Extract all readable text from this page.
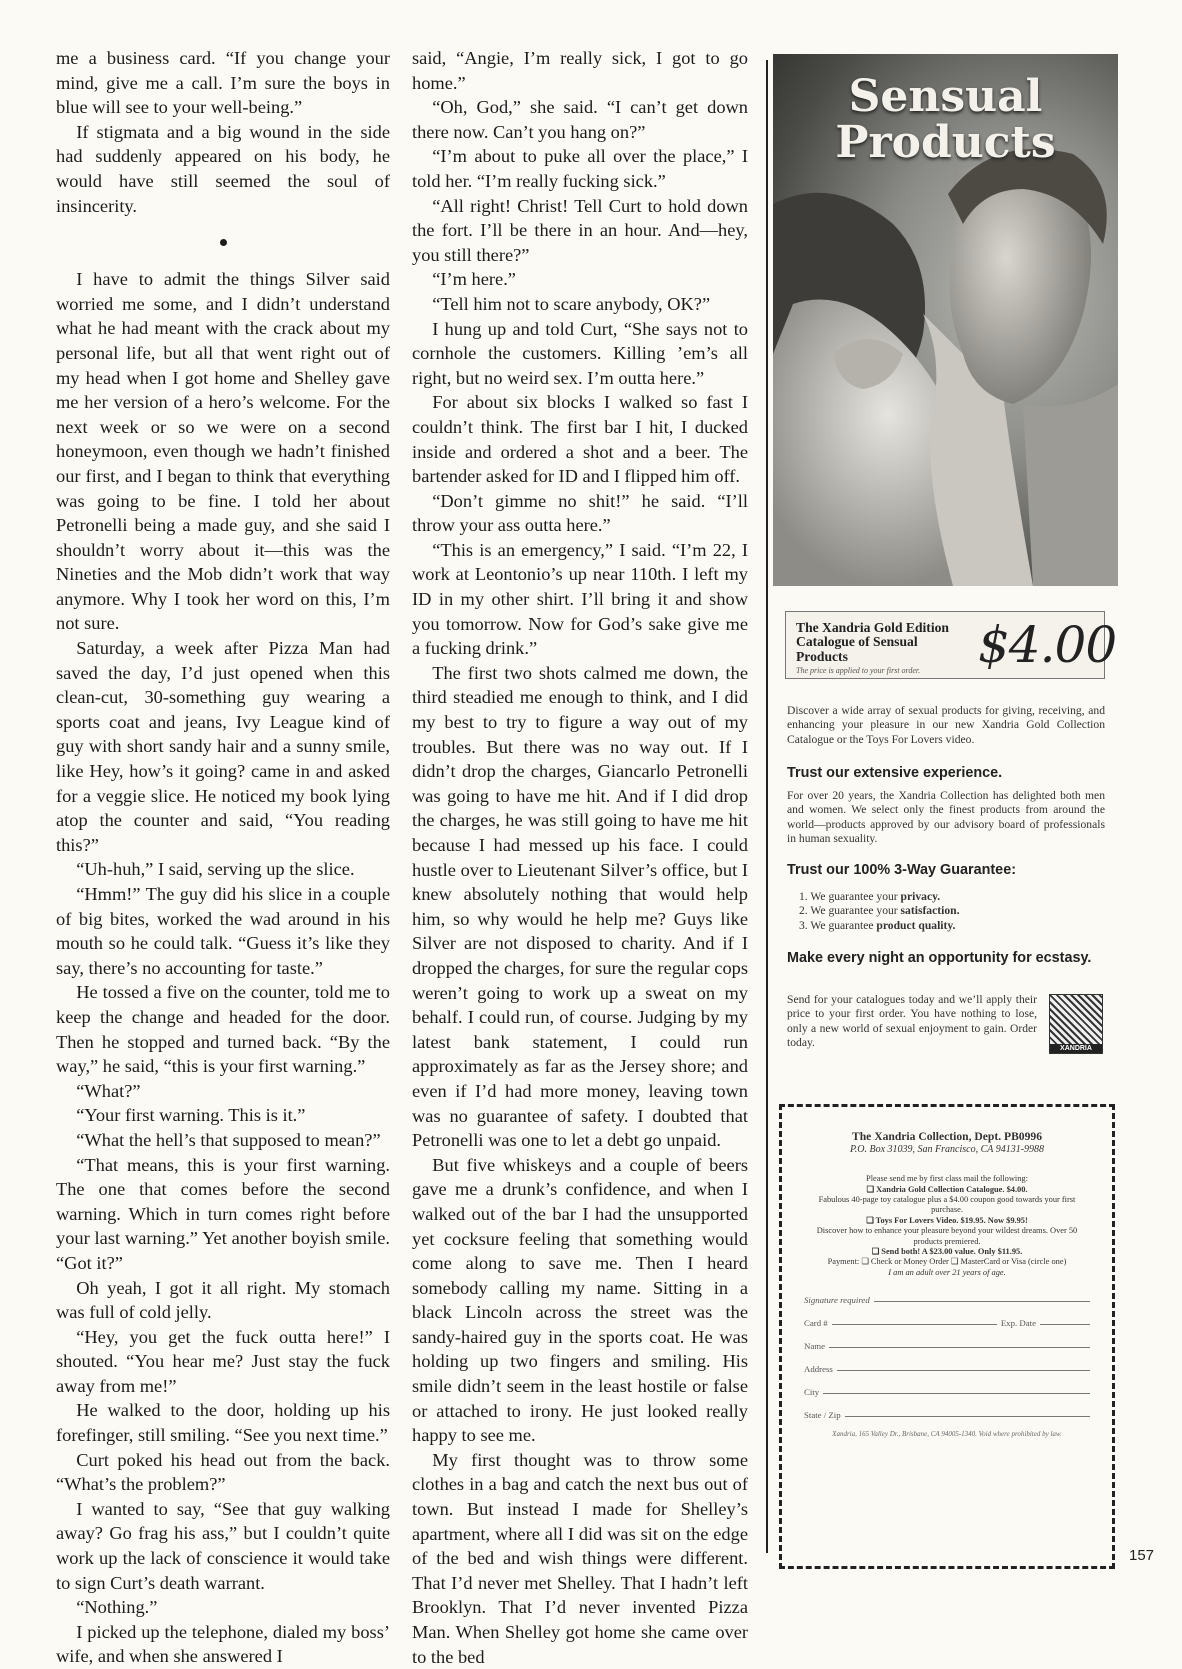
me a business card. “If you change your mind, give me a call. I’m sure the boys in blue will see to your well-being.”

If stigmata and a big wound in the side had suddenly appeared on his body, he would have still seemed the soul of insincerity.

I have to admit the things Silver said worried me some, and I didn’t understand what he had meant with the crack about my personal life, but all that went right out of my head when I got home and Shelley gave me her version of a hero’s welcome. For the next week or so we were on a second honeymoon, even though we hadn’t finished our first, and I began to think that everything was going to be fine. I told her about Petronelli being a made guy, and she said I shouldn’t worry about it—this was the Nineties and the Mob didn’t work that way anymore. Why I took her word on this, I’m not sure.

Saturday, a week after Pizza Man had saved the day, I’d just opened when this clean-cut, 30-something guy wearing a sports coat and jeans, Ivy League kind of guy with short sandy hair and a sunny smile, like Hey, how’s it going? came in and asked for a veggie slice. He noticed my book lying atop the counter and said, “You reading this?”

“Uh-huh,” I said, serving up the slice.

“Hmm!” The guy did his slice in a couple of big bites, worked the wad around in his mouth so he could talk. “Guess it’s like they say, there’s no accounting for taste.”

He tossed a five on the counter, told me to keep the change and headed for the door. Then he stopped and turned back. “By the way,” he said, “this is your first warning.”

“What?”

“Your first warning. This is it.”

“What the hell’s that supposed to mean?”

“That means, this is your first warning. The one that comes before the second warning. Which in turn comes right before your last warning.” Yet another boyish smile. “Got it?”

Oh yeah, I got it all right. My stomach was full of cold jelly.

“Hey, you get the fuck outta here!” I shouted. “You hear me? Just stay the fuck away from me!”

He walked to the door, holding up his forefinger, still smiling. “See you next time.”

Curt poked his head out from the back. “What’s the problem?”

I wanted to say, “See that guy walking away? Go frag his ass,” but I couldn’t quite work up the lack of conscience it would take to sign Curt’s death warrant.

“Nothing.”

I picked up the telephone, dialed my boss’ wife, and when she answered I

said, “Angie, I’m really sick, I got to go home.”

“Oh, God,” she said. “I can’t get down there now. Can’t you hang on?”

“I’m about to puke all over the place,” I told her. “I’m really fucking sick.”

“All right! Christ! Tell Curt to hold down the fort. I’ll be there in an hour. And—hey, you still there?”

“I’m here.”

“Tell him not to scare anybody, OK?”

I hung up and told Curt, “She says not to cornhole the customers. Killing ’em’s all right, but no weird sex. I’m outta here.”

For about six blocks I walked so fast I couldn’t think. The first bar I hit, I ducked inside and ordered a shot and a beer. The bartender asked for ID and I flipped him off.

“Don’t gimme no shit!” he said. “I’ll throw your ass outta here.”

“This is an emergency,” I said. “I’m 22, I work at Leontonio’s up near 110th. I left my ID in my other shirt. I’ll bring it and show you tomorrow. Now for God’s sake give me a fucking drink.”

The first two shots calmed me down, the third steadied me enough to think, and I did my best to try to figure a way out of my troubles. But there was no way out. If I didn’t drop the charges, Giancarlo Petronelli was going to have me hit. And if I did drop the charges, he was still going to have me hit because I had messed up his face. I could hustle over to Lieutenant Silver’s office, but I knew absolutely nothing that would help him, so why would he help me? Guys like Silver are not disposed to charity. And if I dropped the charges, for sure the regular cops weren’t going to work up a sweat on my behalf. I could run, of course. Judging by my latest bank statement, I could run approximately as far as the Jersey shore; and even if I’d had more money, leaving town was no guarantee of safety. I doubted that Petronelli was one to let a debt go unpaid.

But five whiskeys and a couple of beers gave me a drunk’s confidence, and when I walked out of the bar I had the unsupported yet cocksure feeling that something would come along to save me. Then I heard somebody calling my name. Sitting in a black Lincoln across the street was the sandy-haired guy in the sports coat. He was holding up two fingers and smiling. His smile didn’t seem in the least hostile or false or attached to irony. He just looked really happy to see me.

My first thought was to throw some clothes in a bag and catch the next bus out of town. But instead I made for Shelley’s apartment, where all I did was sit on the edge of the bed and wish things were different. That I’d never met Shelley. That I hadn’t left Brooklyn. That I’d never invented Pizza Man. When Shelley got home she came over to the bed

Sensual
Products
The Xandria Gold Edition Catalogue of Sensual Products
The price is applied to your first order. $4.00
Discover a wide array of sexual products for giving, receiving, and enhancing your pleasure in our new Xandria Gold Collection Catalogue or the Toys For Lovers video.
Trust our extensive experience.
For over 20 years, the Xandria Collection has delighted both men and women. We select only the finest products from around the world—products approved by our advisory board of professionals in human sexuality.
Trust our 100% 3-Way Guarantee:
1. We guarantee your privacy.
2. We guarantee your satisfaction.
3. We guarantee product quality.
Make every night an opportunity for ecstasy.
Send for your catalogues today and we’ll apply their price to your first order. You have nothing to lose, only a new world of sexual enjoyment to gain. Order today.	XANDRIA
The Xandria Collection, Dept. PB0996
P.O. Box 31039, San Francisco, CA 94131-9988
Please send me by first class mail the following:
❑ Xandria Gold Collection Catalogue. $4.00.
Fabulous 40-page toy catalogue plus a $4.00 coupon good towards your first purchase.
❑ Toys For Lovers Video. $19.95. Now $9.95!
Discover how to enhance your pleasure beyond your wildest dreams. Over 50 products premiered.
❑ Send both! A $23.00 value. Only $11.95.
Payment: ❑ Check or Money Order ❑ MasterCard or Visa (circle one)
I am an adult over 21 years of age.
Signature required
Card #	Exp. Date
Name
Address
City
State / Zip
Xandria, 165 Valley Dr., Brisbane, CA 94005-1340. Void where prohibited by law.
157
